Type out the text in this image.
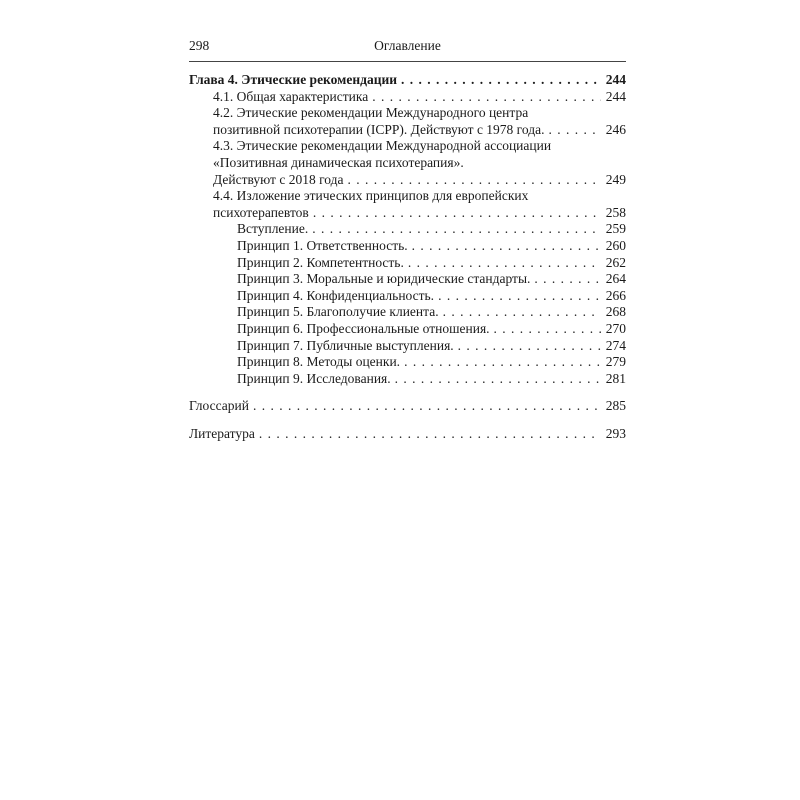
298	Оглавление
Глава 4. Этические рекомендации . . .	244
4.1. Общая характеристика . . .	244
4.2. Этические рекомендации Международного центра
позитивной психотерапии (ICPP). Действуют с 1978 года. . . .	246
4.3. Этические рекомендации Международной ассоциации
«Позитивная динамическая психотерапия».
Действуют с 2018 года . . .	249
4.4. Изложение этических принципов для европейских
психотерапевтов . . .	258
Вступление. . . .	259
Принцип 1. Ответственность. . . .	260
Принцип 2. Компетентность. . . .	262
Принцип 3. Моральные и юридические стандарты. . . .	264
Принцип 4. Конфиденциальность. . . .	266
Принцип 5. Благополучие клиента. . . .	268
Принцип 6. Профессиональные отношения. . . .	270
Принцип 7. Публичные выступления. . . .	274
Принцип 8. Методы оценки. . . .	279
Принцип 9. Исследования. . . .	281
Глоссарий . . .	285
Литература . . .	293
